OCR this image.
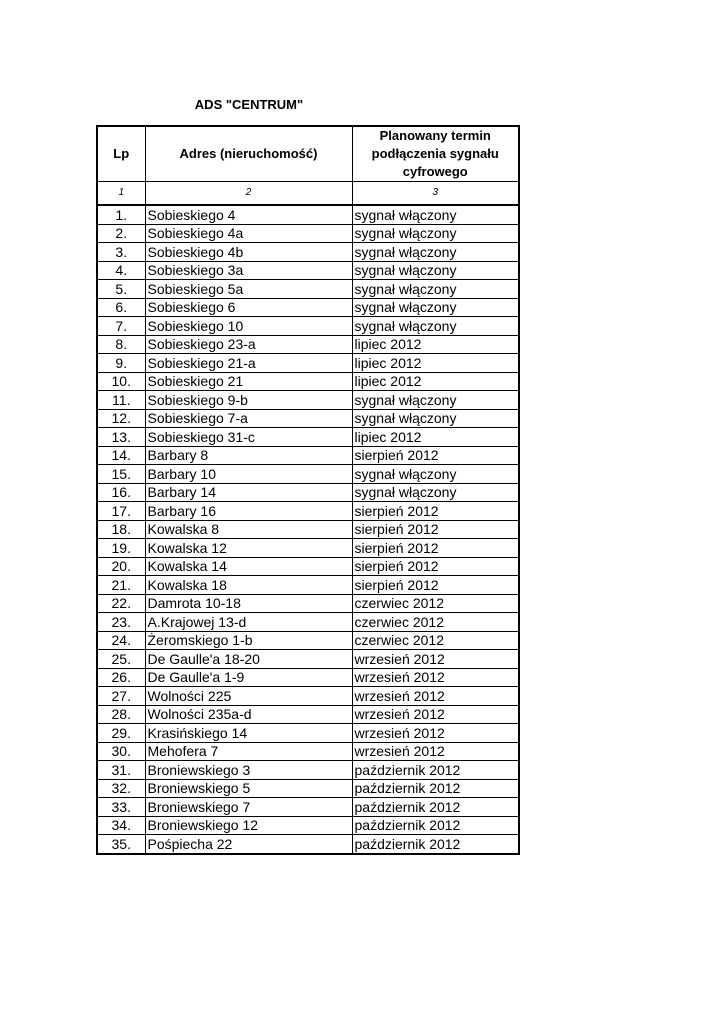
ADS "CENTRUM"
Lp	Adres (nieruchomość)	Planowany termin podłączenia sygnału cyfrowego
1	2	3
1.	Sobieskiego 4	sygnał włączony
2.	Sobieskiego 4a	sygnał włączony
3.	Sobieskiego 4b	sygnał włączony
4.	Sobieskiego 3a	sygnał włączony
5.	Sobieskiego 5a	sygnał włączony
6.	Sobieskiego 6	sygnał włączony
7.	Sobieskiego 10	sygnał włączony
8.	Sobieskiego 23-a	lipiec 2012
9.	Sobieskiego 21-a	lipiec 2012
10.	Sobieskiego 21	lipiec 2012
11.	Sobieskiego 9-b	sygnał włączony
12.	Sobieskiego 7-a	sygnał włączony
13.	Sobieskiego 31-c	lipiec 2012
14.	Barbary 8	sierpień 2012
15.	Barbary 10	sygnał włączony
16.	Barbary 14	sygnał włączony
17.	Barbary 16	sierpień 2012
18.	Kowalska 8	sierpień 2012
19.	Kowalska 12	sierpień 2012
20.	Kowalska 14	sierpień 2012
21.	Kowalska 18	sierpień 2012
22.	Damrota 10-18	czerwiec 2012
23.	A.Krajowej 13-d	czerwiec 2012
24.	Żeromskiego 1-b	czerwiec 2012
25.	De Gaulle'a 18-20	wrzesień 2012
26.	De Gaulle'a 1-9	wrzesień 2012
27.	Wolności 225	wrzesień 2012
28.	Wolności 235a-d	wrzesień 2012
29.	Krasińskiego 14	wrzesień 2012
30.	Mehofera 7	wrzesień 2012
31.	Broniewskiego 3	październik 2012
32.	Broniewskiego 5	październik 2012
33.	Broniewskiego 7	październik 2012
34.	Broniewskiego 12	październik 2012
35.	Pośpiecha 22	październik 2012
